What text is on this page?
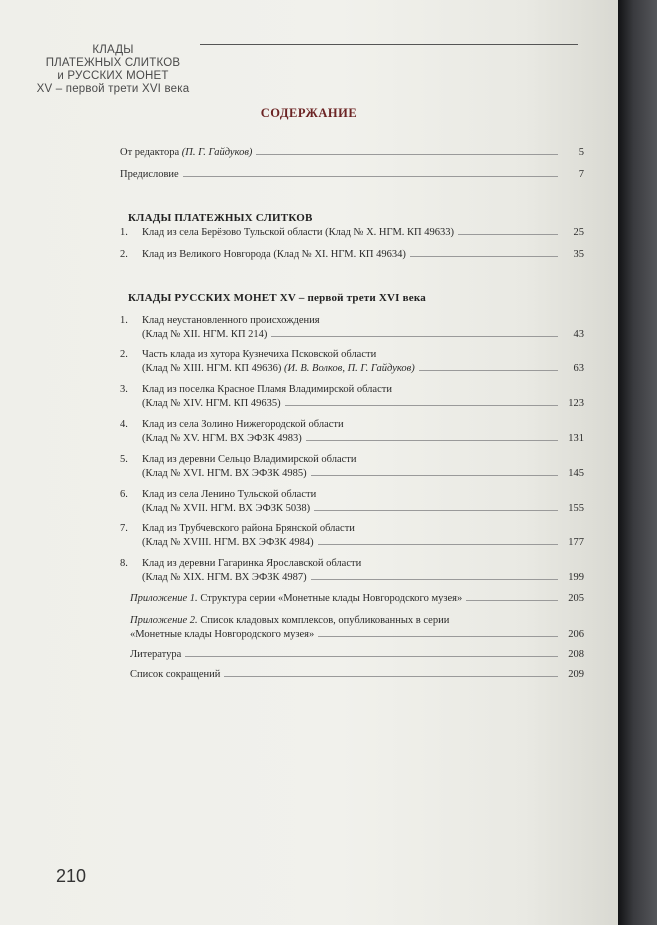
КЛАДЫ
ПЛАТЕЖНЫХ СЛИТКОВ
и РУССКИХ МОНЕТ
XV – первой трети XVI века
СОДЕРЖАНИЕ
От редактора (П. Г. Гайдуков)	5
Предисловие	7
КЛАДЫ ПЛАТЕЖНЫХ СЛИТКОВ
1.	Клад из села Берёзово Тульской области (Клад № X. НГМ. КП 49633)	25
2.	Клад из Великого Новгорода (Клад № XI. НГМ. КП 49634)	35
КЛАДЫ РУССКИХ МОНЕТ XV – первой трети XVI века
1.	Клад неустановленного происхождения
(Клад № XII. НГМ. КП 214)	43
2.	Часть клада из хутора Кузнечиха Псковской области
(Клад № XIII. НГМ. КП 49636) (И. В. Волков, П. Г. Гайдуков)	63
3.	Клад из поселка Красное Пламя Владимирской области
(Клад № XIV. НГМ. КП 49635)	123
4.	Клад из села Золино Нижегородской области
(Клад № XV. НГМ. ВХ ЭФЗК 4983)	131
5.	Клад из деревни Сельцо Владимирской области
(Клад № XVI. НГМ. ВХ ЭФЗК 4985)	145
6.	Клад из села Ленино Тульской области
(Клад № XVII. НГМ. ВХ ЭФЗК 5038)	155
7.	Клад из Трубчевского района Брянской области
(Клад № XVIII. НГМ. ВХ ЭФЗК 4984)	177
8.	Клад из деревни Гагаринка Ярославской области
(Клад № XIX. НГМ. ВХ ЭФЗК 4987)	199
Приложение 1. Структура серии «Монетные клады Новгородского музея»	205
Приложение 2. Список кладовых комплексов, опубликованных в серии
«Монетные клады Новгородского музея»	206
Литература	208
Список сокращений	209
210
